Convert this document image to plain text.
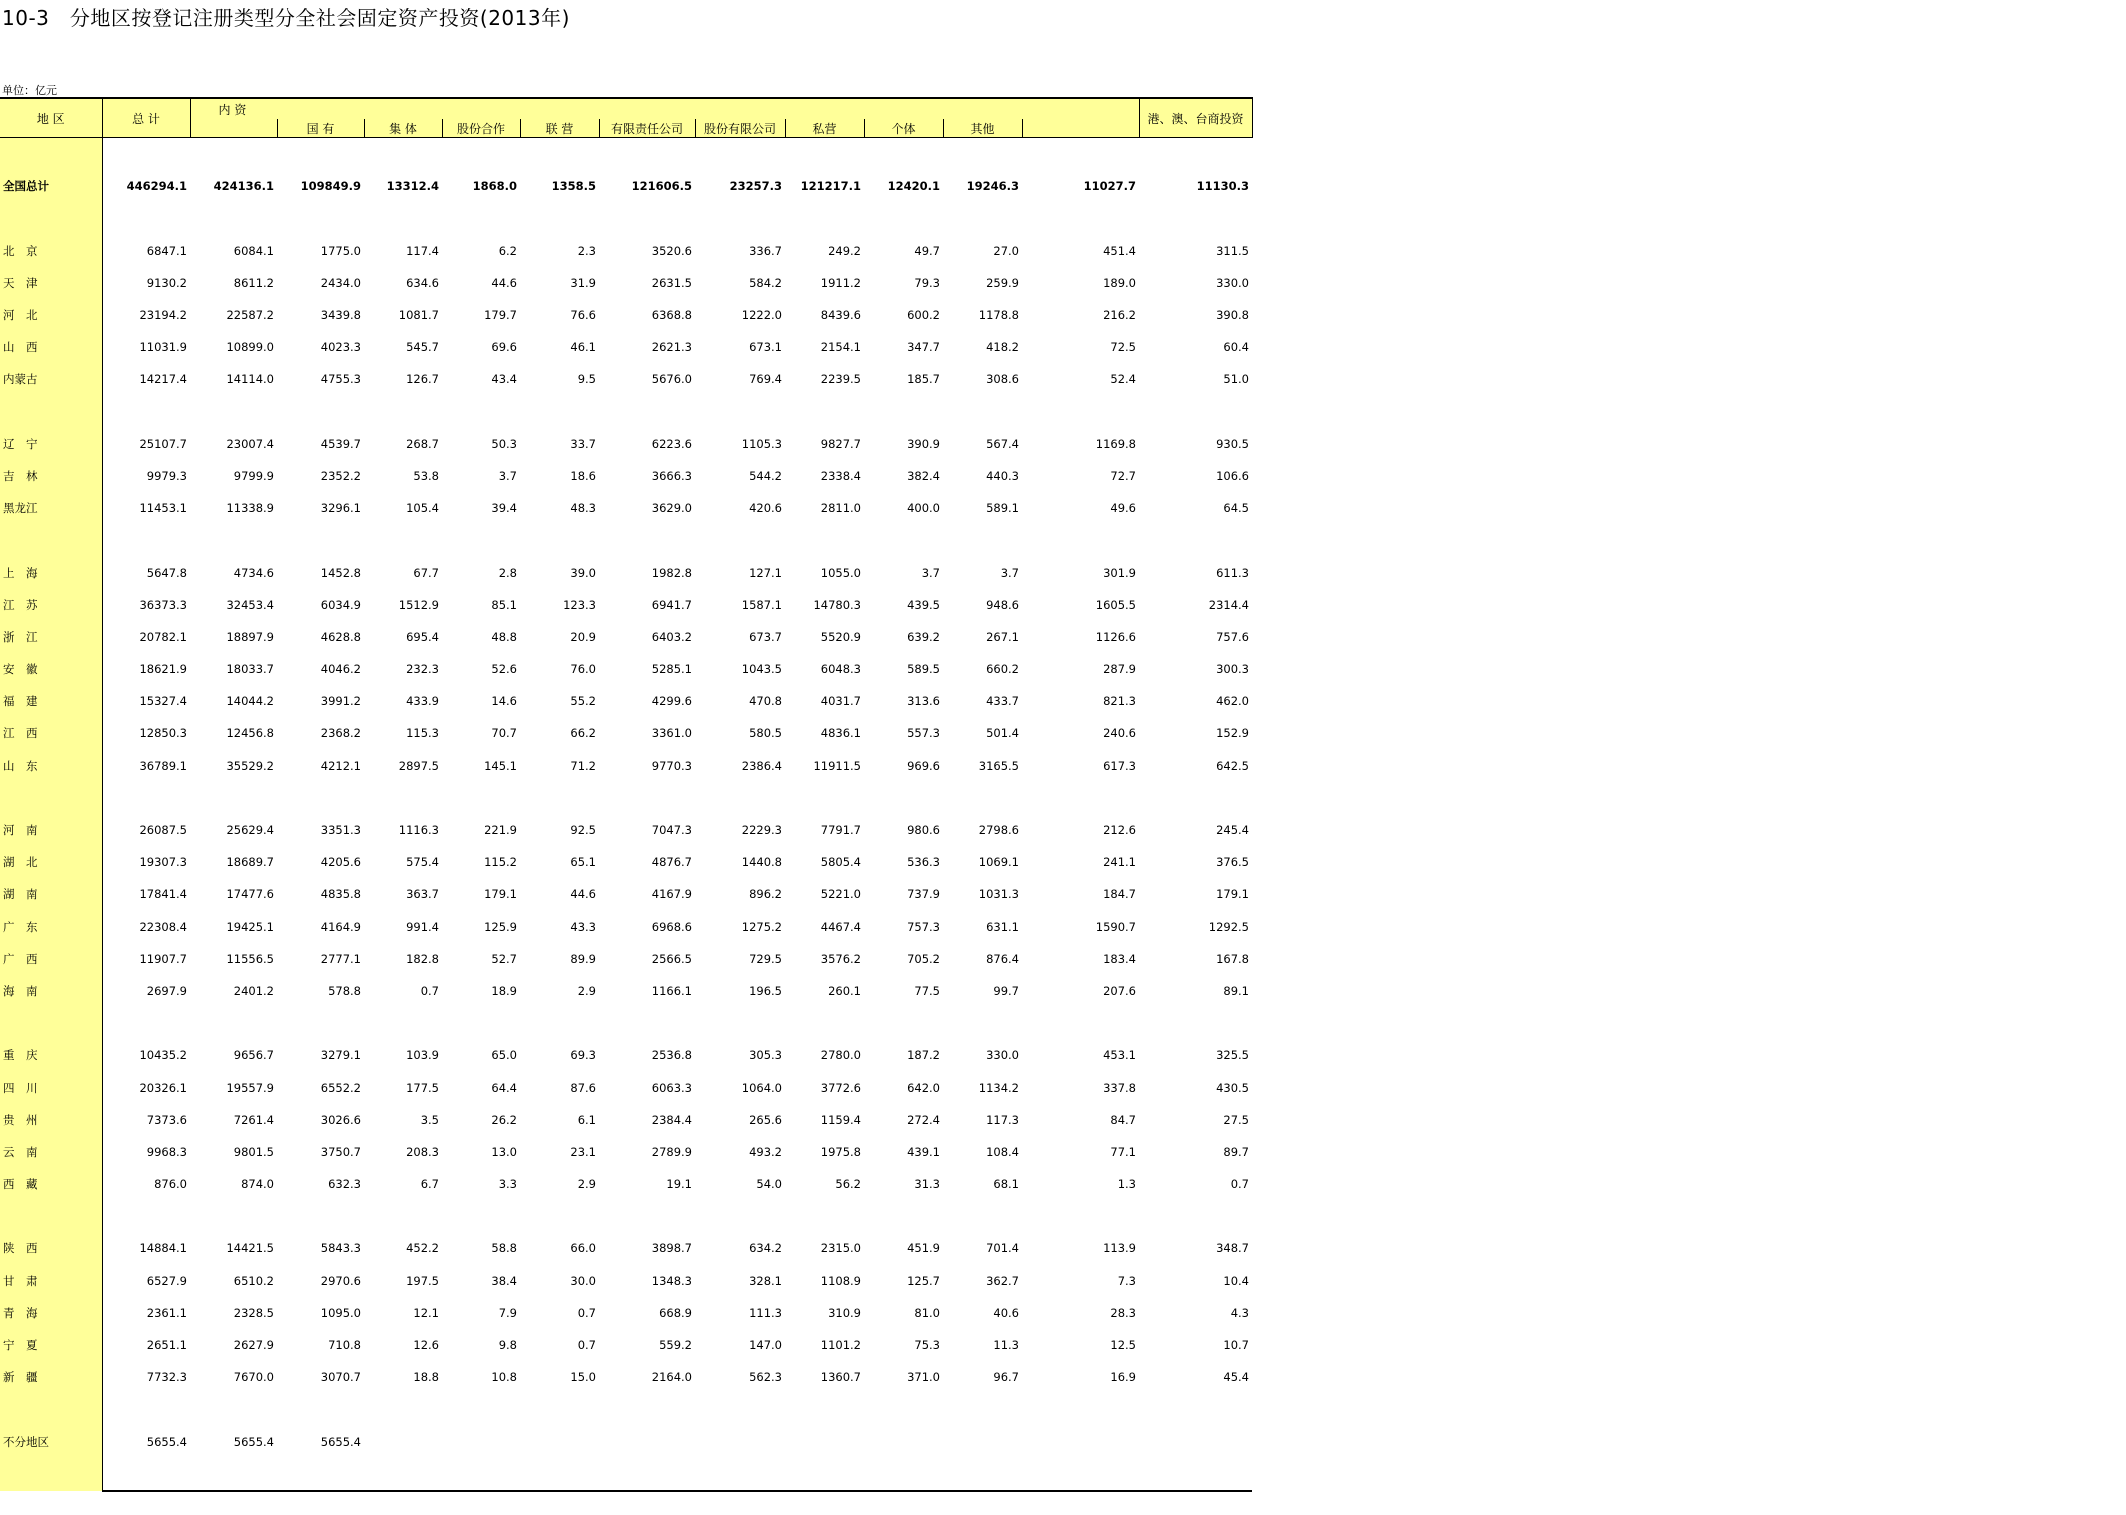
10-3　分地区按登记注册类型分全社会固定资产投资(2013年)
单位：亿元
地 区	总 计	内 资											港、澳、台商投资	
			国 有	集 体	股份合作	联 营	有限责任公司	股份有限公司	私营	个体	其他			

全国总计	446294.1	424136.1	109849.9	13312.4	1868.0	1358.5	121606.5	23257.3	121217.1	12420.1	19246.3	11027.7	11130.3	

北　京	6847.1	6084.1	1775.0	117.4	6.2	2.3	3520.6	336.7	249.2	49.7	27.0	451.4	311.5	
天　津	9130.2	8611.2	2434.0	634.6	44.6	31.9	2631.5	584.2	1911.2	79.3	259.9	189.0	330.0	
河　北	23194.2	22587.2	3439.8	1081.7	179.7	76.6	6368.8	1222.0	8439.6	600.2	1178.8	216.2	390.8	
山　西	11031.9	10899.0	4023.3	545.7	69.6	46.1	2621.3	673.1	2154.1	347.7	418.2	72.5	60.4	
内蒙古	14217.4	14114.0	4755.3	126.7	43.4	9.5	5676.0	769.4	2239.5	185.7	308.6	52.4	51.0	

辽　宁	25107.7	23007.4	4539.7	268.7	50.3	33.7	6223.6	1105.3	9827.7	390.9	567.4	1169.8	930.5	
吉　林	9979.3	9799.9	2352.2	53.8	3.7	18.6	3666.3	544.2	2338.4	382.4	440.3	72.7	106.6	
黑龙江	11453.1	11338.9	3296.1	105.4	39.4	48.3	3629.0	420.6	2811.0	400.0	589.1	49.6	64.5	

上　海	5647.8	4734.6	1452.8	67.7	2.8	39.0	1982.8	127.1	1055.0	3.7	3.7	301.9	611.3	
江　苏	36373.3	32453.4	6034.9	1512.9	85.1	123.3	6941.7	1587.1	14780.3	439.5	948.6	1605.5	2314.4	
浙　江	20782.1	18897.9	4628.8	695.4	48.8	20.9	6403.2	673.7	5520.9	639.2	267.1	1126.6	757.6	
安　徽	18621.9	18033.7	4046.2	232.3	52.6	76.0	5285.1	1043.5	6048.3	589.5	660.2	287.9	300.3	
福　建	15327.4	14044.2	3991.2	433.9	14.6	55.2	4299.6	470.8	4031.7	313.6	433.7	821.3	462.0	
江　西	12850.3	12456.8	2368.2	115.3	70.7	66.2	3361.0	580.5	4836.1	557.3	501.4	240.6	152.9	
山　东	36789.1	35529.2	4212.1	2897.5	145.1	71.2	9770.3	2386.4	11911.5	969.6	3165.5	617.3	642.5	

河　南	26087.5	25629.4	3351.3	1116.3	221.9	92.5	7047.3	2229.3	7791.7	980.6	2798.6	212.6	245.4	
湖　北	19307.3	18689.7	4205.6	575.4	115.2	65.1	4876.7	1440.8	5805.4	536.3	1069.1	241.1	376.5	
湖　南	17841.4	17477.6	4835.8	363.7	179.1	44.6	4167.9	896.2	5221.0	737.9	1031.3	184.7	179.1	
广　东	22308.4	19425.1	4164.9	991.4	125.9	43.3	6968.6	1275.2	4467.4	757.3	631.1	1590.7	1292.5	
广　西	11907.7	11556.5	2777.1	182.8	52.7	89.9	2566.5	729.5	3576.2	705.2	876.4	183.4	167.8	
海　南	2697.9	2401.2	578.8	0.7	18.9	2.9	1166.1	196.5	260.1	77.5	99.7	207.6	89.1	

重　庆	10435.2	9656.7	3279.1	103.9	65.0	69.3	2536.8	305.3	2780.0	187.2	330.0	453.1	325.5	
四　川	20326.1	19557.9	6552.2	177.5	64.4	87.6	6063.3	1064.0	3772.6	642.0	1134.2	337.8	430.5	
贵　州	7373.6	7261.4	3026.6	3.5	26.2	6.1	2384.4	265.6	1159.4	272.4	117.3	84.7	27.5	
云　南	9968.3	9801.5	3750.7	208.3	13.0	23.1	2789.9	493.2	1975.8	439.1	108.4	77.1	89.7	
西　藏	876.0	874.0	632.3	6.7	3.3	2.9	19.1	54.0	56.2	31.3	68.1	1.3	0.7	

陕　西	14884.1	14421.5	5843.3	452.2	58.8	66.0	3898.7	634.2	2315.0	451.9	701.4	113.9	348.7	
甘　肃	6527.9	6510.2	2970.6	197.5	38.4	30.0	1348.3	328.1	1108.9	125.7	362.7	7.3	10.4	
青　海	2361.1	2328.5	1095.0	12.1	7.9	0.7	668.9	111.3	310.9	81.0	40.6	28.3	4.3	
宁　夏	2651.1	2627.9	710.8	12.6	9.8	0.7	559.2	147.0	1101.2	75.3	11.3	12.5	10.7	
新　疆	7732.3	7670.0	3070.7	18.8	10.8	15.0	2164.0	562.3	1360.7	371.0	96.7	16.9	45.4	

不分地区	5655.4	5655.4	5655.4											
